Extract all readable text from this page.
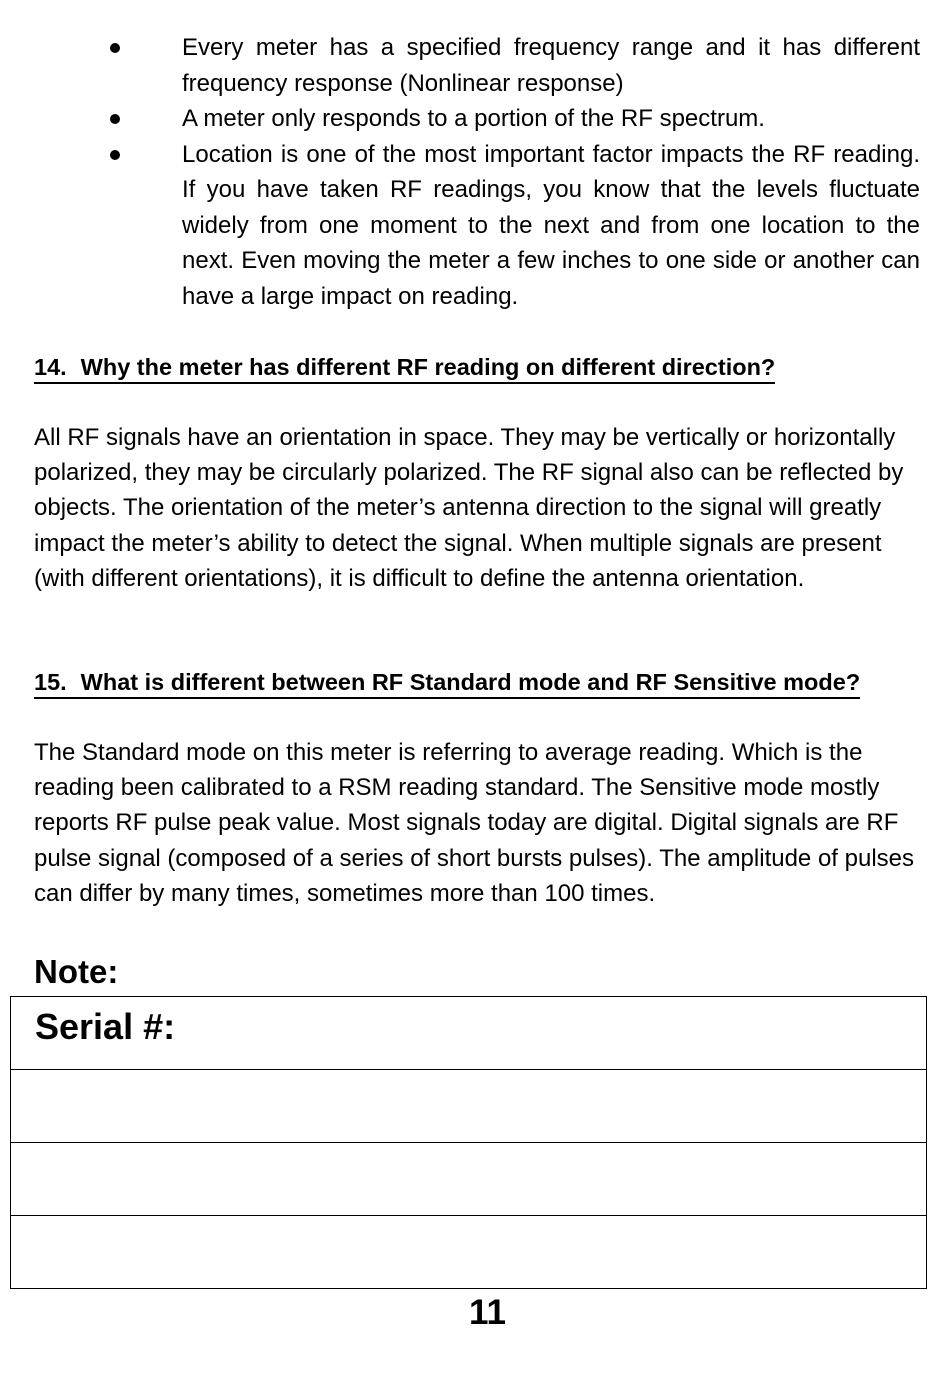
Every meter has a specified frequency range and it has different frequency response (Nonlinear response)
A meter only responds to a portion of the RF spectrum.
Location is one of the most important factor impacts the RF reading. If you have taken RF readings, you know that the levels fluctuate widely from one moment to the next and from one location to the next. Even moving the meter a few inches to one side or another can have a large impact on reading.
14. Why the meter has different RF reading on different direction?

All RF signals have an orientation in space. They may be vertically or horizontally polarized, they may be circularly polarized. The RF signal also can be reflected by objects. The orientation of the meter’s antenna direction to the signal will greatly impact the meter’s ability to detect the signal. When multiple signals are present (with different orientations), it is difficult to define the antenna orientation.

15. What is different between RF Standard mode and RF Sensitive mode?

The Standard mode on this meter is referring to average reading. Which is the reading been calibrated to a RSM reading standard. The Sensitive mode mostly reports RF pulse peak value. Most signals today are digital. Digital signals are RF pulse signal (composed of a series of short bursts pulses). The amplitude of pulses can differ by many times, sometimes more than 100 times.

Note:
Serial #:
11
